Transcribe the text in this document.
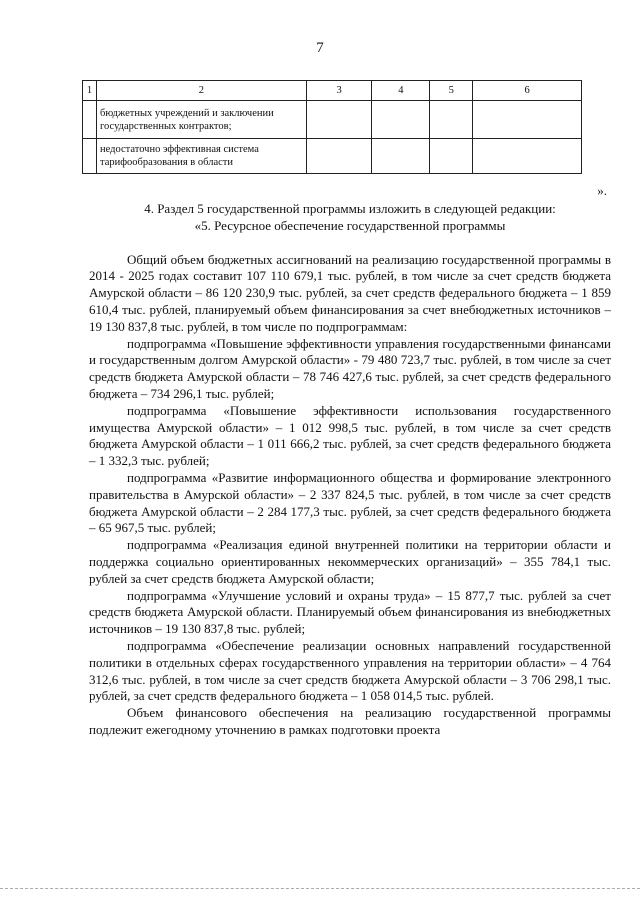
7
1	2	3	4	5	6
	бюджетных учреждений и заключении государственных контрактов;				
	недостаточно эффективная система тарифообразования в области				
».

4. Раздел 5 государственной программы изложить в следующей редакции:

«5. Ресурсное обеспечение государственной программы

Общий объем бюджетных ассигнований на реализацию государственной программы в 2014 - 2025 годах составит 107 110 679,1 тыс. рублей, в том числе за счет средств бюджета Амурской области – 86 120 230,9 тыс. рублей, за счет средств федерального бюджета – 1 859 610,4 тыс. рублей, планируемый объем финансирования за счет внебюджетных источников – 19 130 837,8 тыс. рублей, в том числе по подпрограммам:

подпрограмма «Повышение эффективности управления государственными финансами и государственным долгом Амурской области» - 79 480 723,7 тыс. рублей, в том числе за счет средств бюджета Амурской области – 78 746 427,6 тыс. рублей, за счет средств федерального бюджета – 734 296,1 тыс. рублей;

подпрограмма «Повышение эффективности использования государственного имущества Амурской области» – 1 012 998,5 тыс. рублей, в том числе за счет средств бюджета Амурской области – 1 011 666,2 тыс. рублей, за счет средств федерального бюджета – 1 332,3 тыс. рублей;

подпрограмма «Развитие информационного общества и формирование электронного правительства в Амурской области» – 2 337 824,5 тыс. рублей, в том числе за счет средств бюджета Амурской области – 2 284 177,3 тыс. рублей, за счет средств федерального бюджета – 65 967,5 тыс. рублей;

подпрограмма «Реализация единой внутренней политики на территории области и поддержка социально ориентированных некоммерческих организаций» – 355 784,1 тыс. рублей за счет средств бюджета Амурской области;

подпрограмма «Улучшение условий и охраны труда» – 15 877,7 тыс. рублей за счет средств бюджета Амурской области. Планируемый объем финансирования из внебюджетных источников – 19 130 837,8 тыс. рублей;

подпрограмма «Обеспечение реализации основных направлений государственной политики в отдельных сферах государственного управления на территории области» – 4 764 312,6 тыс. рублей, в том числе за счет средств бюджета Амурской области – 3 706 298,1 тыс. рублей, за счет средств федерального бюджета – 1 058 014,5 тыс. рублей.

Объем финансового обеспечения на реализацию государственной программы подлежит ежегодному уточнению в рамках подготовки проекта
